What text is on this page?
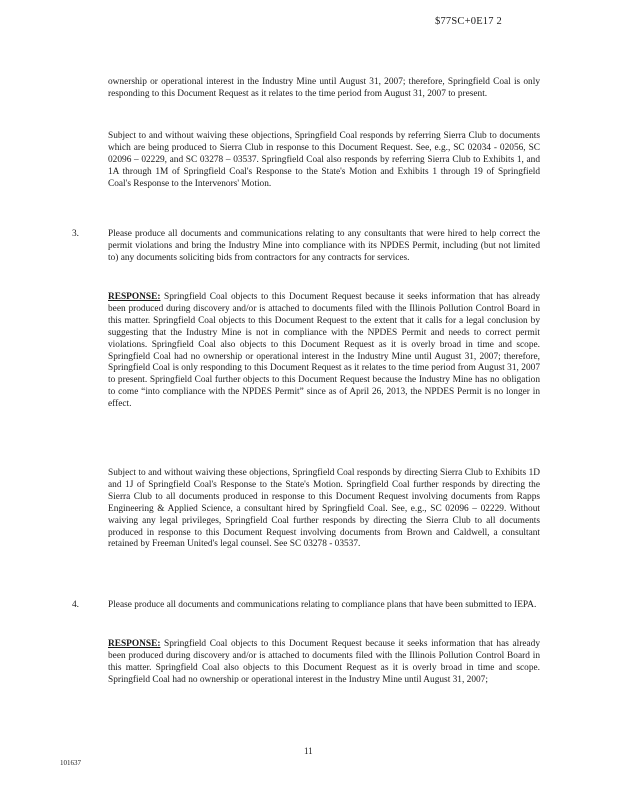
$77SC+0E17 2

ownership or operational interest in the Industry Mine until August 31, 2007; therefore, Springfield Coal is only responding to this Document Request as it relates to the time period from August 31, 2007 to present.

Subject to and without waiving these objections, Springfield Coal responds by referring Sierra Club to documents which are being produced to Sierra Club in response to this Document Request. See, e.g., SC 02034 - 02056, SC 02096 – 02229, and SC 03278 – 03537. Springfield Coal also responds by referring Sierra Club to Exhibits 1, and 1A through 1M of Springfield Coal's Response to the State's Motion and Exhibits 1 through 19 of Springfield Coal's Response to the Intervenors' Motion.

3.	Please produce all documents and communications relating to any consultants that were hired to help correct the permit violations and bring the Industry Mine into compliance with its NPDES Permit, including (but not limited to) any documents soliciting bids from contractors for any contracts for services.

RESPONSE: Springfield Coal objects to this Document Request because it seeks information that has already been produced during discovery and/or is attached to documents filed with the Illinois Pollution Control Board in this matter. Springfield Coal objects to this Document Request to the extent that it calls for a legal conclusion by suggesting that the Industry Mine is not in compliance with the NPDES Permit and needs to correct permit violations. Springfield Coal also objects to this Document Request as it is overly broad in time and scope. Springfield Coal had no ownership or operational interest in the Industry Mine until August 31, 2007; therefore, Springfield Coal is only responding to this Document Request as it relates to the time period from August 31, 2007 to present. Springfield Coal further objects to this Document Request because the Industry Mine has no obligation to come “into compliance with the NPDES Permit” since as of April 26, 2013, the NPDES Permit is no longer in effect.

Subject to and without waiving these objections, Springfield Coal responds by directing Sierra Club to Exhibits 1D and 1J of Springfield Coal's Response to the State's Motion. Springfield Coal further responds by directing the Sierra Club to all documents produced in response to this Document Request involving documents from Rapps Engineering & Applied Science, a consultant hired by Springfield Coal. See, e.g., SC 02096 – 02229. Without waiving any legal privileges, Springfield Coal further responds by directing the Sierra Club to all documents produced in response to this Document Request involving documents from Brown and Caldwell, a consultant retained by Freeman United's legal counsel. See SC 03278 - 03537.

4.	Please produce all documents and communications relating to compliance plans that have been submitted to IEPA.

RESPONSE: Springfield Coal objects to this Document Request because it seeks information that has already been produced during discovery and/or is attached to documents filed with the Illinois Pollution Control Board in this matter. Springfield Coal also objects to this Document Request as it is overly broad in time and scope. Springfield Coal had no ownership or operational interest in the Industry Mine until August 31, 2007;

11
101637
